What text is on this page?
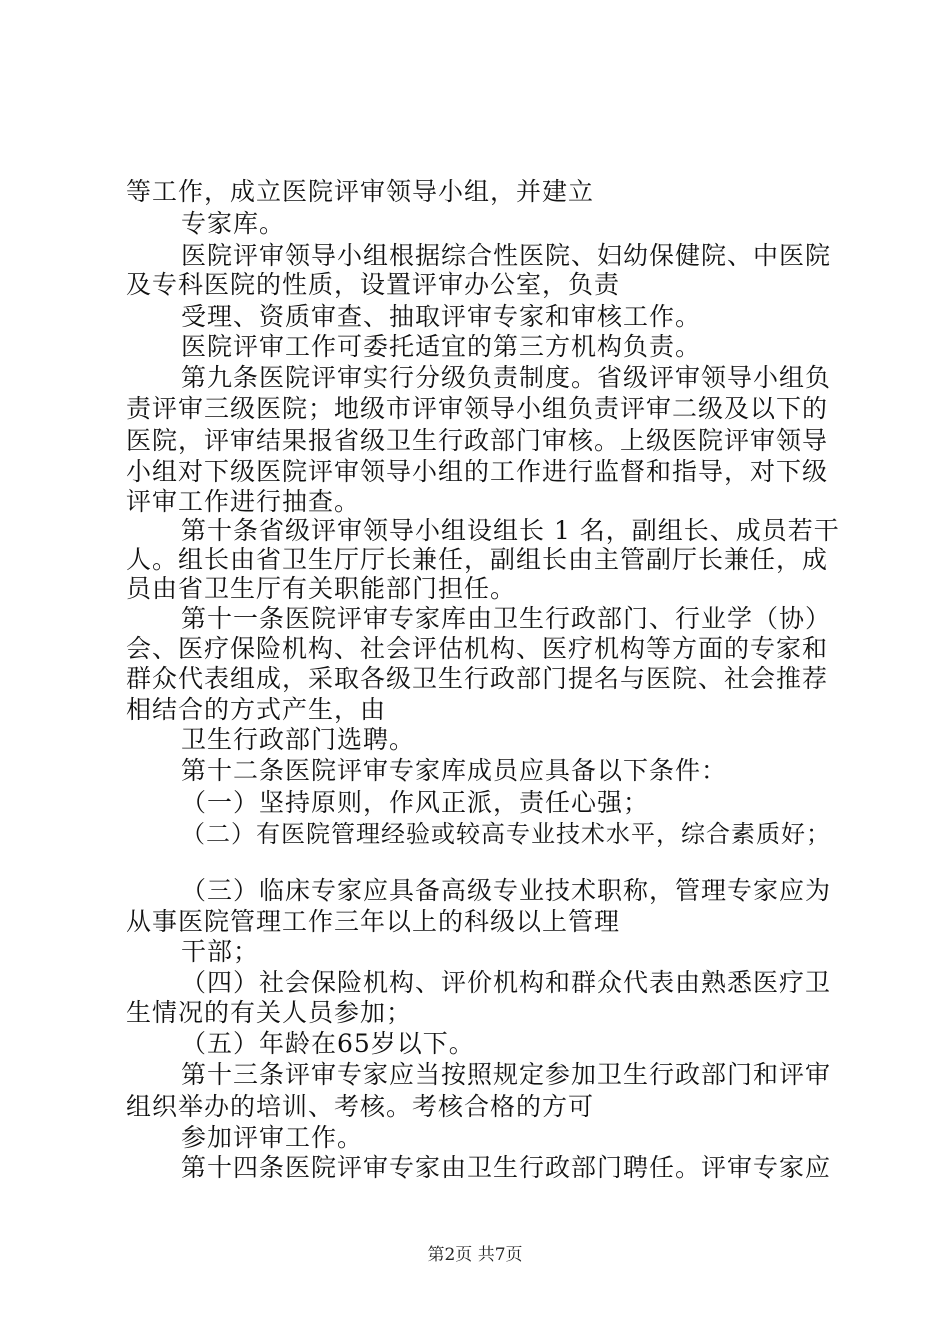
等工作，成立医院评审领导小组，并建立
专家库。
医院评审领导小组根据综合性医院、妇幼保健院、中医院
及专科医院的性质，设置评审办公室，负责
受理、资质审查、抽取评审专家和审核工作。
医院评审工作可委托适宜的第三方机构负责。
第九条医院评审实行分级负责制度。省级评审领导小组负
责评审三级医院；地级市评审领导小组负责评审二级及以下的
医院，评审结果报省级卫生行政部门审核。上级医院评审领导
小组对下级医院评审领导小组的工作进行监督和指导，对下级
评审工作进行抽查。
第十条省级评审领导小组设组长 1 名，副组长、成员若干
人。组长由省卫生厅厅长兼任，副组长由主管副厅长兼任，成
员由省卫生厅有关职能部门担任。
第十一条医院评审专家库由卫生行政部门、行业学（协）
会、医疗保险机构、社会评估机构、医疗机构等方面的专家和
群众代表组成，采取各级卫生行政部门提名与医院、社会推荐
相结合的方式产生，由
卫生行政部门选聘。
第十二条医院评审专家库成员应具备以下条件：
（一）坚持原则，作风正派，责任心强；
（二）有医院管理经验或较高专业技术水平，综合素质好；
（三）临床专家应具备高级专业技术职称，管理专家应为
从事医院管理工作三年以上的科级以上管理
干部；
（四）社会保险机构、评价机构和群众代表由熟悉医疗卫
生情况的有关人员参加；
（五）年龄在65岁以下。
第十三条评审专家应当按照规定参加卫生行政部门和评审
组织举办的培训、考核。考核合格的方可
参加评审工作。
第十四条医院评审专家由卫生行政部门聘任。评审专家应
第2页 共7页
